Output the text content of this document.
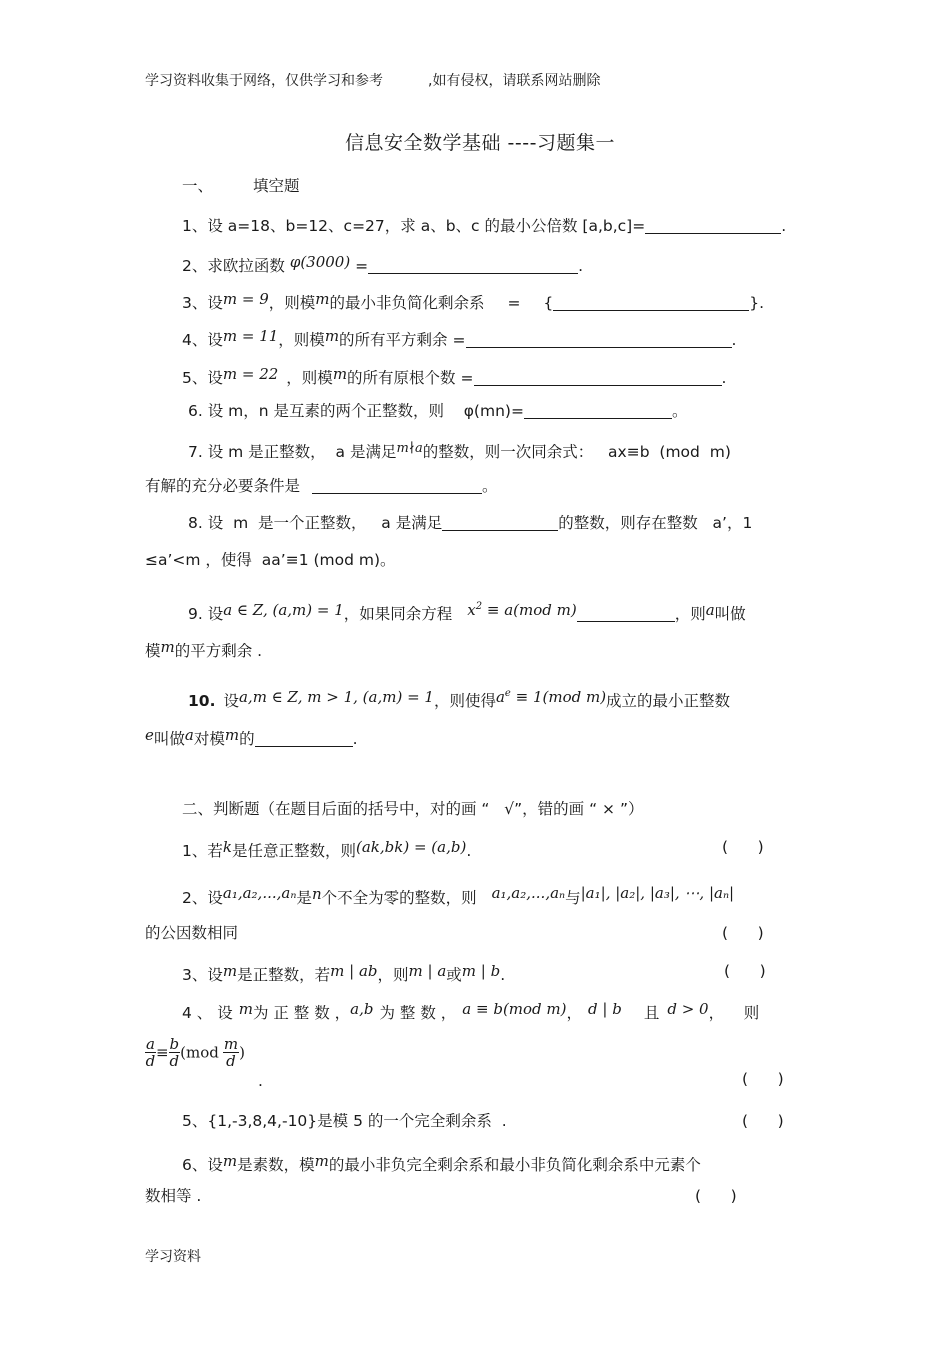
学习资料收集于网络，仅供学习和参考	,如有侵权，请联系网站删除
信息安全数学基础 ----习题集一
一、	填空题
1、设 a=18、b=12、c=27，求 a、b、c 的最小公倍数 [a,b,c]=	.
2、求欧拉函数 φ(3000) =	.
3、设m = 9，则模m的最小非负简化剩余系 = {	}.
4、设m = 11，则模m的所有平方剩余 =	.
5、设m = 22 ，则模m的所有原根个数 =	.
6. 设 m，n 是互素的两个正整数，则    φ(mn)=	。
7. 设 m 是正整数，  a 是满足$^{m∤a}$的整数，则一次同余式：   ax≡b  (mod  m)
有解的充分必要条件是	。
8. 设  m  是一个正整数，   a 是满足	的整数，则存在整数   a’，1
≤a’<m ，使得  aa’≡1 (mod m)。
9. 设a ∈ Z, (a,m) = 1，如果同余方程 $x^2 \equiv a(mod$ m)	，则a叫做
模m的平方剩余 .
10. 设a,m ∈ Z, m > 1, (a,m) = 1，则使得$a^e \equiv 1(mod$ m)成立的最小正整数
e叫做a对模m的	.
二、判断题（在题目后面的括号中，对的画 “   √”，错的画 “ × ”）
1、若k是任意正整数，则(ak,bk) = (a,b).	(      )
2、设a₁,a₂,...,aₙ是n个不全为零的整数，则 a₁,a₂,...,aₙ与|a₁|, |a₂|, |a₃|, ⋯, |aₙ|
的公因数相同	(      )
3、设m是正整数，若m | ab，则m | a或m | b.	(      )
4 、 设 m为 正 整 数 ，a,b 为 整 数 ， a ≡ b(mod m)， d | b 且 d > 0，    则
$\frac{a}{d} \equiv \frac{b}{d} (mod \frac{m}{d}$ )
.	(      )
5、{1,-3,8,4,-10}是模 5 的一个完全剩余系  .	(      )
6、设m是素数，模m的最小非负完全剩余系和最小非负简化剩余系中元素个
数相等 .	(      )
学习资料
